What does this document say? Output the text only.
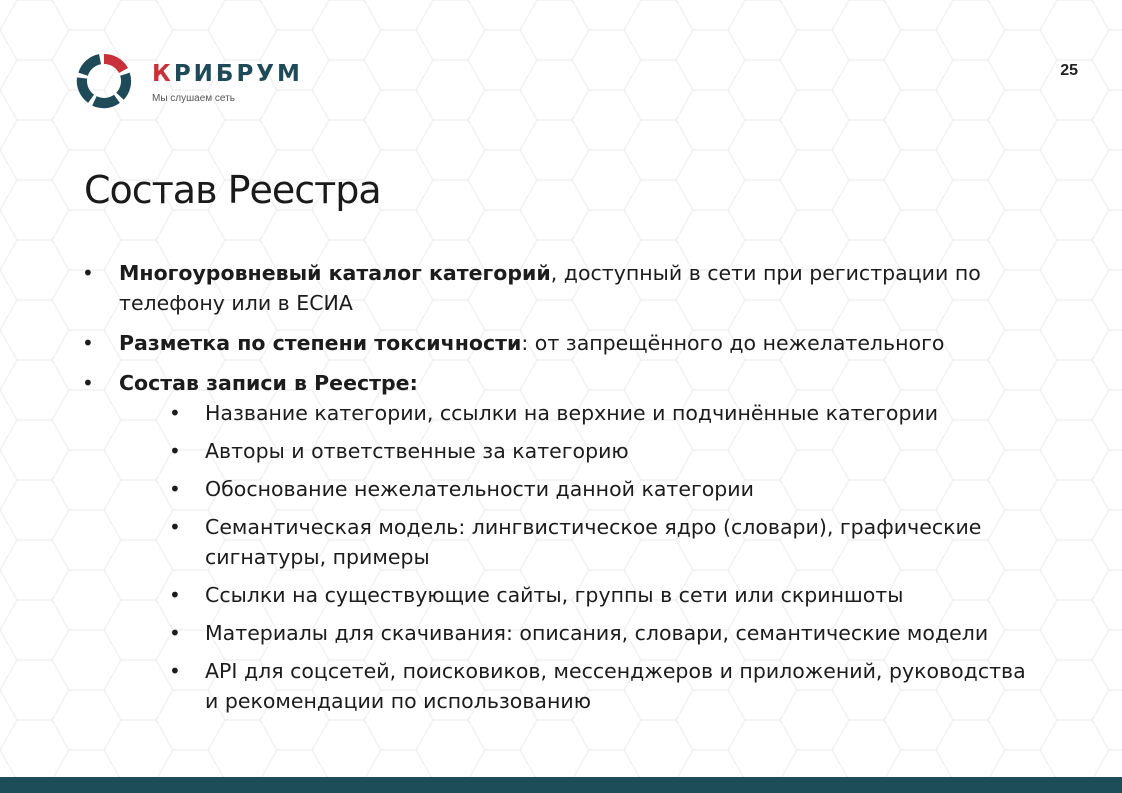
КРИБРУМ

Мы слушаем сеть
25
Состав Реестра
• Многоуровневый каталог категорий, доступный в сети при регистрации по телефону или в ЕСИА
• Разметка по степени токсичности: от запрещённого до нежелательного
• Состав записи в Реестре:
• Название категории, ссылки на верхние и подчинённые категории
• Авторы и ответственные за категорию
• Обоснование нежелательности данной категории
• Семантическая модель: лингвистическое ядро (словари), графические
сигнатуры, примеры
• Ссылки на существующие сайты, группы в сети или скриншоты
• Материалы для скачивания: описания, словари, семантические модели
• API для соцсетей, поисковиков, мессенджеров и приложений, руководства
и рекомендации по использованию
